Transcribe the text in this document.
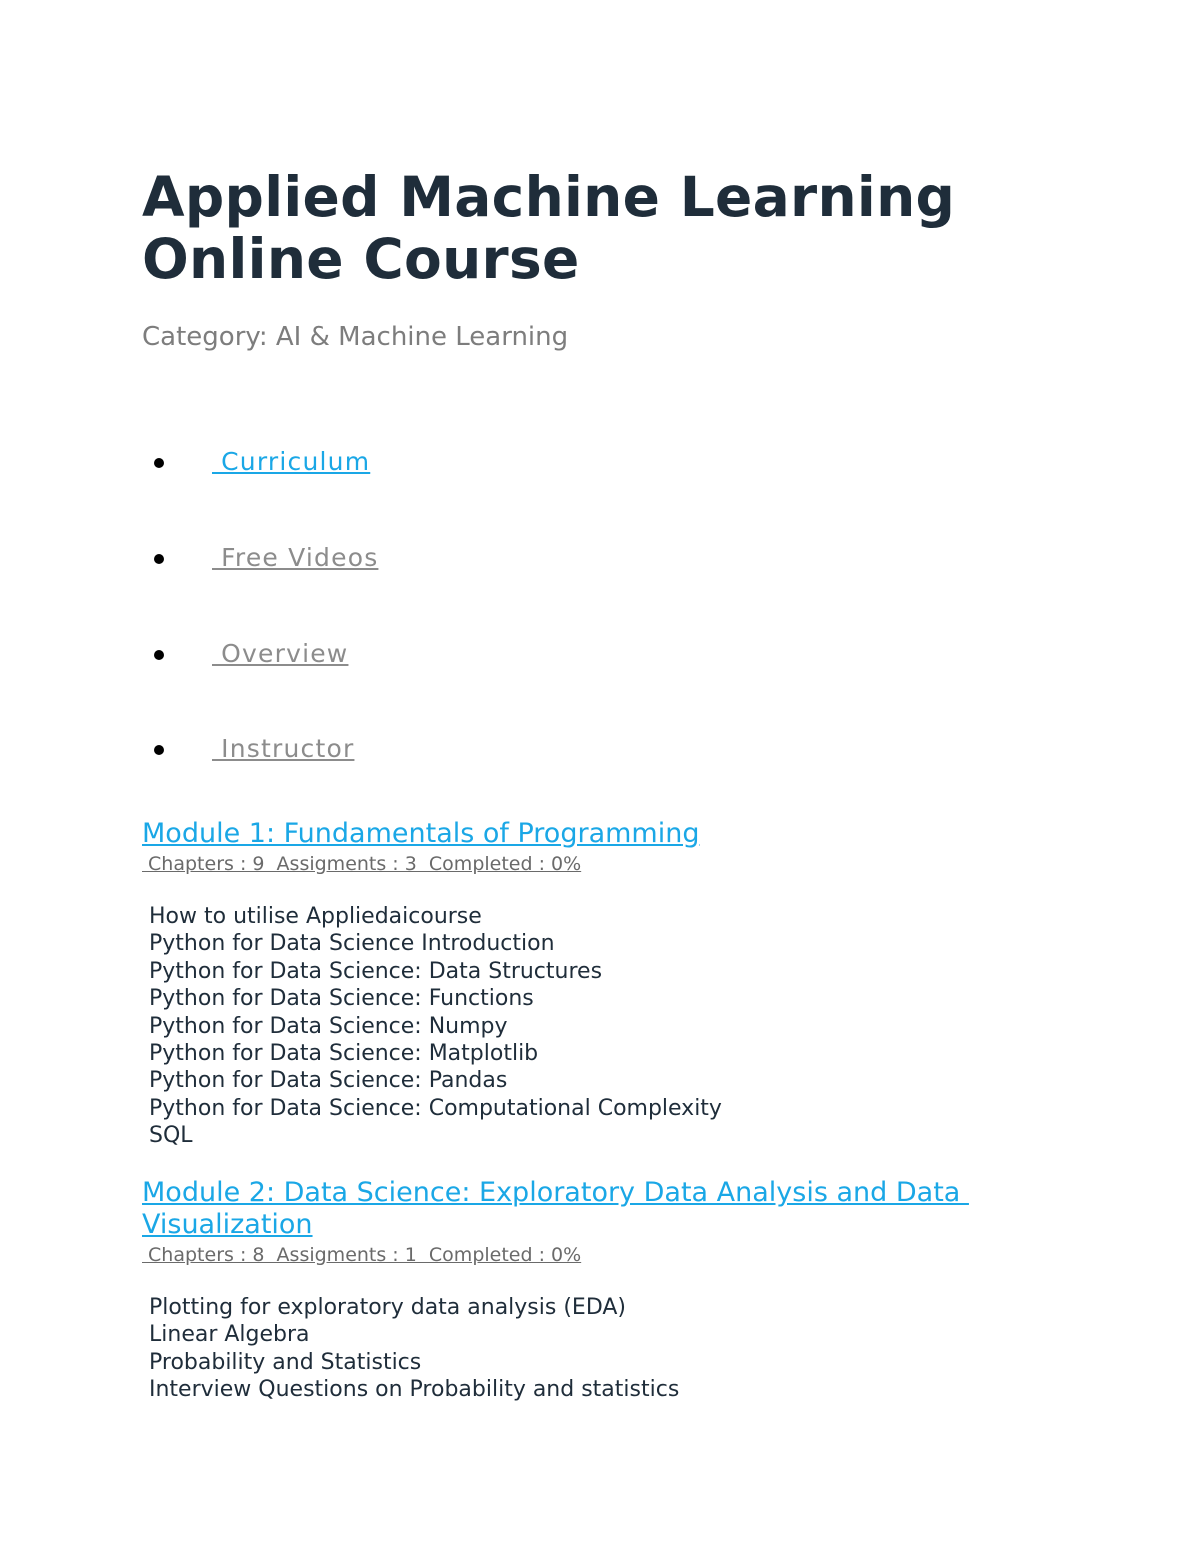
Applied Machine Learning
Online Course
Category: AI & Machine Learning
Curriculum
Free Videos
Overview
Instructor
Module 1: Fundamentals of Programming
Chapters : 9  Assigments : 3  Completed : 0%
How to utilise Appliedaicourse
Python for Data Science Introduction
Python for Data Science: Data Structures
Python for Data Science: Functions
Python for Data Science: Numpy
Python for Data Science: Matplotlib
Python for Data Science: Pandas
Python for Data Science: Computational Complexity
SQL
Module 2: Data Science: Exploratory Data Analysis and Data
Visualization
Chapters : 8  Assigments : 1  Completed : 0%
Plotting for exploratory data analysis (EDA)
Linear Algebra
Probability and Statistics
Interview Questions on Probability and statistics
